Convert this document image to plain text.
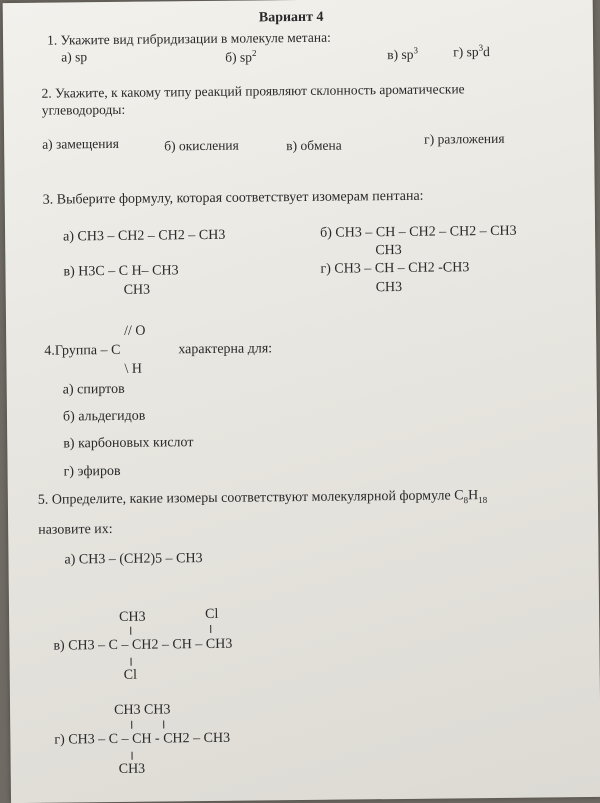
Вариант 4
1. Укажите вид гибридизации в молекуле метана:
а) sp	б) $sp^2$	в) $sp^3$	г) $sp^3d$
2. Укажите, к какому типу реакций проявляют склонность ароматические
углеводороды:
а) замещения	б) окисления	в) обмена	г) разложения
3. Выберите формулу, которая соответствует изомерам пентана:
а) CH3 – CH2 – CH2 – CH3	б) CH3 – CH – CH2 – CH2 – CH3
CH3
в) H3C – C H– CH3
CH3
г) CH3 – CH – CH2 -CH3
CH3
// O
4.Группа – С	характерна для:
\ H
а) спиртов
б) альдегидов
в) карбоновых кислот
г) эфиров
5. Определите, какие изомеры соответствуют молекулярной формуле $C_8H_{18}$
назовите их:
а) CH3 – (CH2)5 – CH3
CH3	Cl
в) CH3 – C – CH2 – CH – CH3
Cl
CH3 CH3
г) CH3 – C – CH - CH2 – CH3
CH3
